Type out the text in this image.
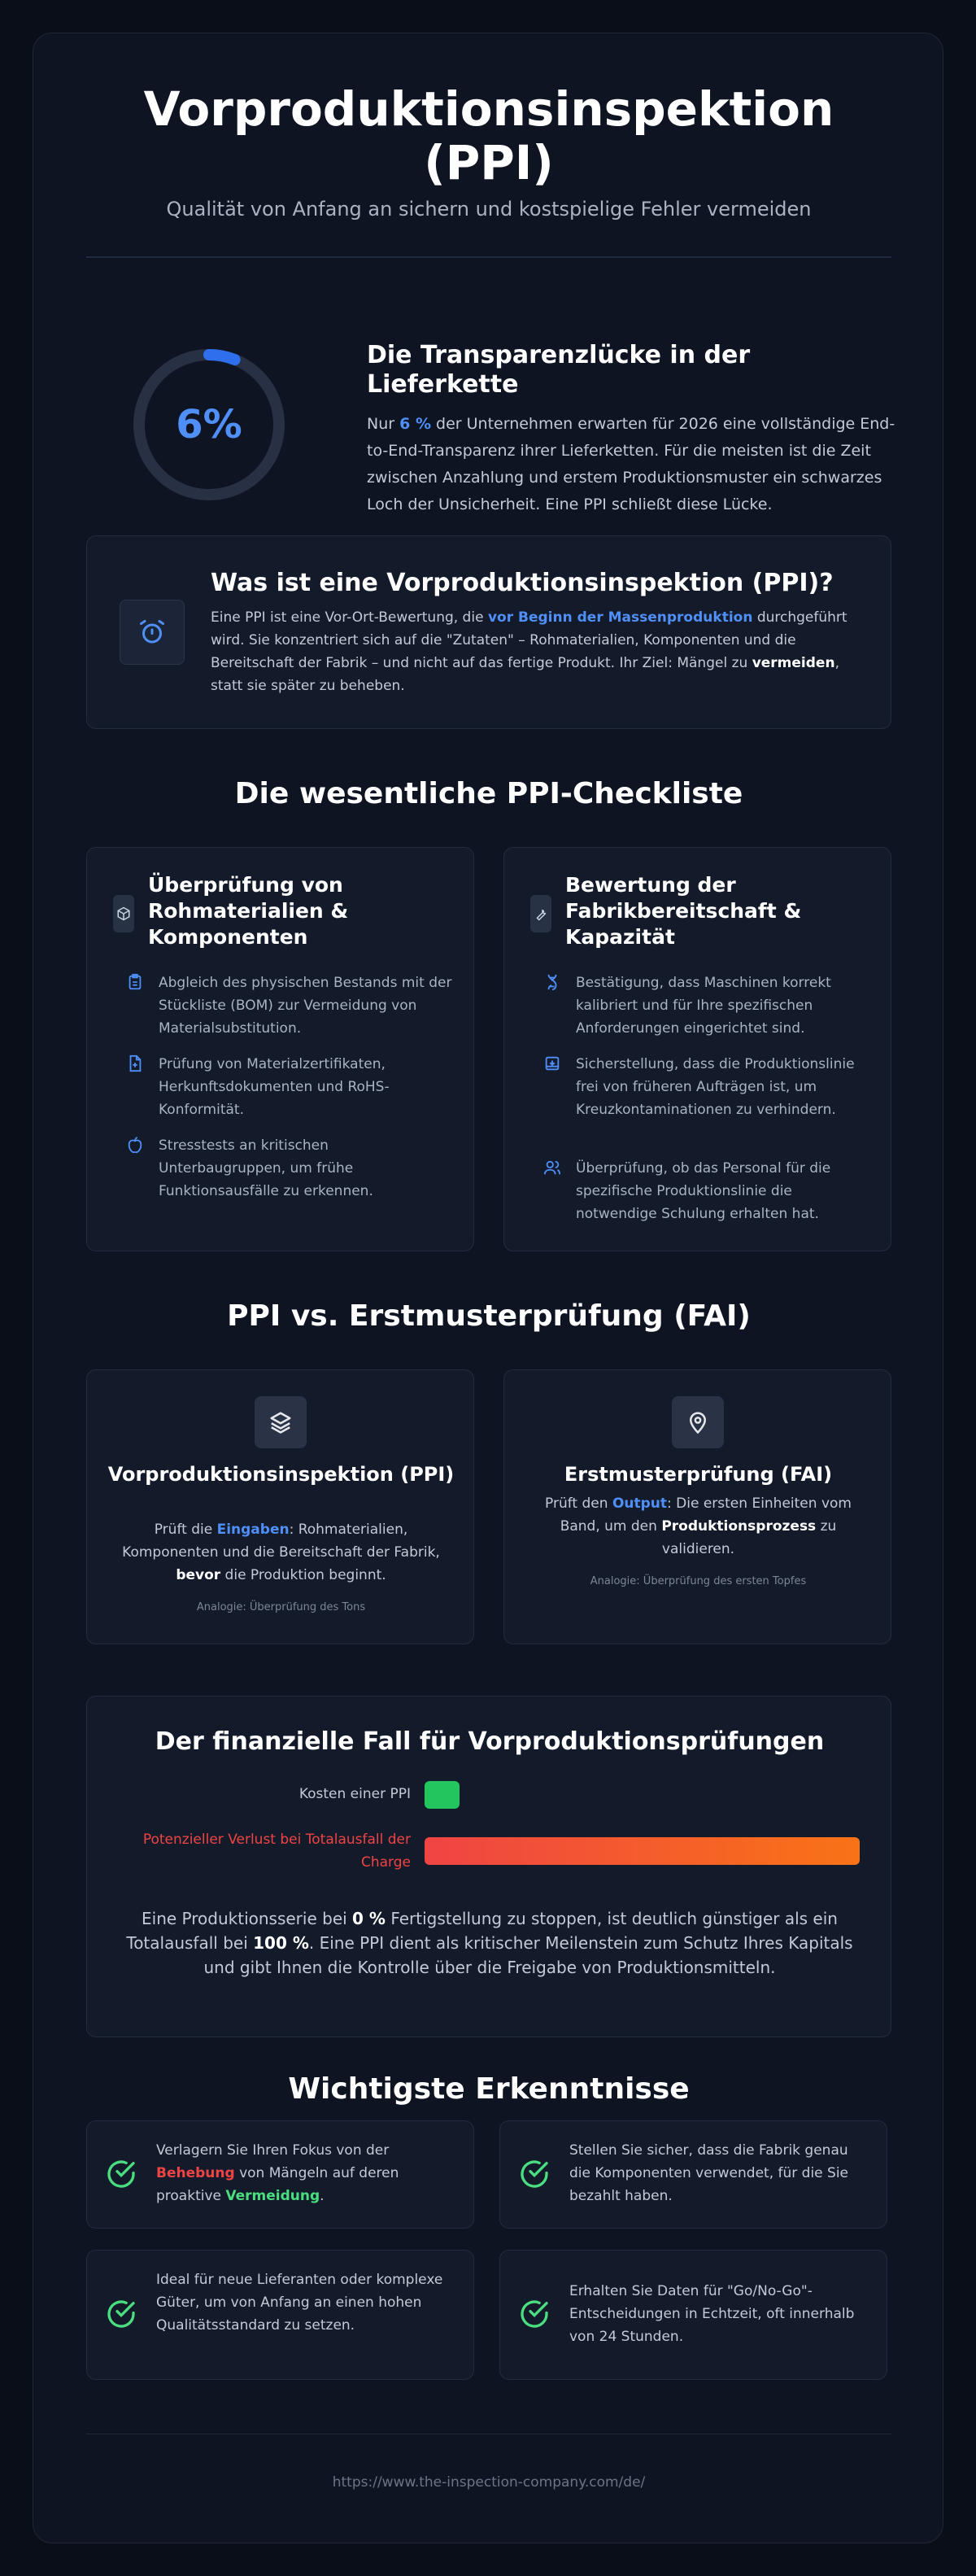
Vorproduktionsinspektion (PPI)
Qualität von Anfang an sichern und kostspielige Fehler vermeiden
6%
Die Transparenzlücke in der Lieferkette
Nur 6 % der Unternehmen erwarten für 2026 eine vollständige End-to-End-Transparenz ihrer Lieferketten. Für die meisten ist die Zeit zwischen Anzahlung und erstem Produktionsmuster ein schwarzes Loch der Unsicherheit. Eine PPI schließt diese Lücke.
Was ist eine Vorproduktionsinspektion (PPI)?
Eine PPI ist eine Vor-Ort-Bewertung, die vor Beginn der Massenproduktion durchgeführt wird. Sie konzentriert sich auf die "Zutaten" – Rohmaterialien, Komponenten und die Bereitschaft der Fabrik – und nicht auf das fertige Produkt. Ihr Ziel: Mängel zu vermeiden, statt sie später zu beheben.
Die wesentliche PPI-Checkliste
Überprüfung von Rohmaterialien & Komponenten
Abgleich des physischen Bestands mit der Stückliste (BOM) zur Vermeidung von Materialsubstitution.
Prüfung von Materialzertifikaten, Herkunftsdokumenten und RoHS-Konformität.
Stresstests an kritischen Unterbaugruppen, um frühe Funktionsausfälle zu erkennen.
Bewertung der Fabrikbereitschaft & Kapazität
Bestätigung, dass Maschinen korrekt kalibriert und für Ihre spezifischen Anforderungen eingerichtet sind.
Sicherstellung, dass die Produktionslinie frei von früheren Aufträgen ist, um Kreuzkontaminationen zu verhindern.
Überprüfung, ob das Personal für die spezifische Produktionslinie die notwendige Schulung erhalten hat.
PPI vs. Erstmusterprüfung (FAI)
Vorproduktionsinspektion (PPI)
Prüft die Eingaben: Rohmaterialien, Komponenten und die Bereitschaft der Fabrik, bevor die Produktion beginnt.
Analogie: Überprüfung des Tons
Erstmusterprüfung (FAI)
Prüft den Output: Die ersten Einheiten vom Band, um den Produktionsprozess zu validieren.
Analogie: Überprüfung des ersten Topfes
Der finanzielle Fall für Vorproduktionsprüfungen
Kosten einer PPI
Potenzieller Verlust bei Totalausfall der Charge
Eine Produktionsserie bei 0 % Fertigstellung zu stoppen, ist deutlich günstiger als ein Totalausfall bei 100 %. Eine PPI dient als kritischer Meilenstein zum Schutz Ihres Kapitals und gibt Ihnen die Kontrolle über die Freigabe von Produktionsmitteln.
Wichtigste Erkenntnisse
Verlagern Sie Ihren Fokus von der Behebung von Mängeln auf deren proaktive Vermeidung.
Stellen Sie sicher, dass die Fabrik genau die Komponenten verwendet, für die Sie bezahlt haben.
Ideal für neue Lieferanten oder komplexe Güter, um von Anfang an einen hohen Qualitätsstandard zu setzen.
Erhalten Sie Daten für "Go/No-Go"-Entscheidungen in Echtzeit, oft innerhalb von 24 Stunden.
https://www.the-inspection-company.com/de/
